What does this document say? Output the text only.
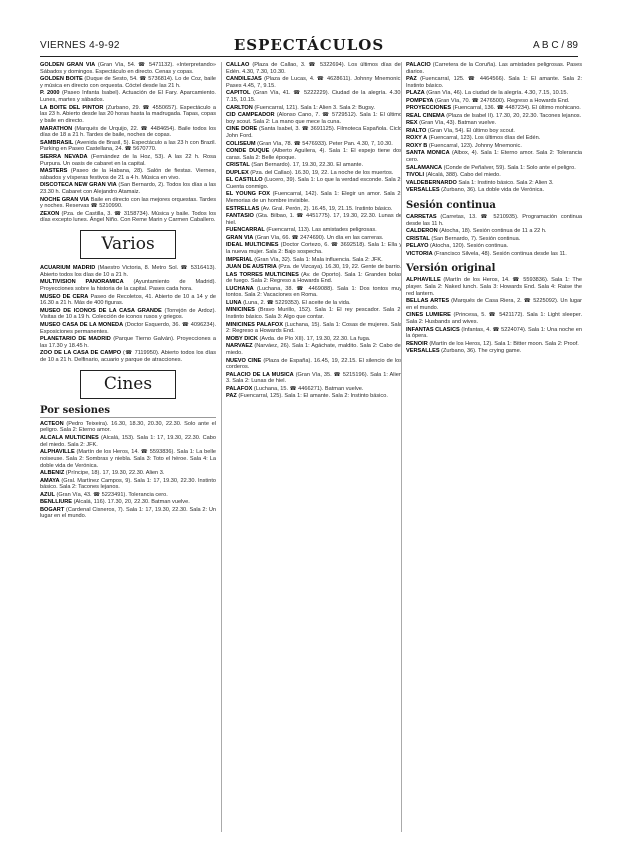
VIERNES 4-9-92	ESPECTÁCULOS	A B C / 89

GOLDEN GRAN VIA (Gran Vía, 54. ☎ 5471132). «Interpretando» Sábados y domingos. Espectáculo en directo. Cenas y copas.

GOLDEN BOITE (Duque de Sesto, 54. ☎ 5736814). Lo de Coz, baile y música en directo con orquesta. Cóctel desde las 21 h.

P. 2000 (Paseo Infanta Isabel). Actuación de El Fary. Aparcamiento. Lunes, martes y sábados.

LA BOITE DEL PINTOR (Zurbano, 29. ☎ 4550657). Espectáculo a las 23 h. Abierto desde las 20 horas hasta la madrugada. Tapas, copas y baile en directo.

MARATHON (Marqués de Urquijo, 22. ☎ 4484654). Baile todos los días de 18 a 21 h. Tardes de baile, noches de copas.

SAMBRASIL (Avenida de Brasil, 5). Espectáculo a las 23 h con Brazil. Parking en Paseo Castellana, 24. ☎ 5670770.

SIERRA NEVADA (Fernández de la Hoz, 53). A las 22 h. Rosa Purpura. Un oasis de cabaret en la capital.

MASTERS (Paseo de la Habana, 28). Salón de fiestas. Viernes, sábados y vísperas festivos de 21 a 4 h. Música en vivo.

DISCOTECA NEW GRAN VIA (San Bernardo, 2). Todos los días a las 23.30 h. Cabaret con Alejandro Atamaiz.

NOCHE GRAN VIA Baile en directo con las mejores orquestas. Tardes y noches. Reservas ☎ 5210990.

ZEXON (Pza. de Castilla, 3. ☎ 3158734). Música y baile. Todos los días excepto lunes. Ángel Niño. Con Reme Marin y Carmen Caballero.

Varios

ACUARIUM MADRID (Maestro Victoria, 8. Metro Sol. ☎ 5316413). Abierto todos los días de 10 a 21 h.

MULTIVISION PANORAMICA (Ayuntamiento de Madrid). Proyecciones sobre la historia de la capital. Pases cada hora.

MUSEO DE CERA Paseo de Recoletos, 41. Abierto de 10 a 14 y de 16.30 a 21 h. Más de 400 figuras.

MUSEO DE ICONOS DE LA CASA GRANDE (Torrejón de Ardoz). Visitas de 10 a 19 h. Colección de iconos rusos y griegos.

MUSEO CASA DE LA MONEDA (Doctor Esquerdo, 36. ☎ 4096234). Exposiciones permanentes.

PLANETARIO DE MADRID (Parque Tierno Galván). Proyecciones a las 17.30 y 18.45 h.

ZOO DE LA CASA DE CAMPO (☎ 7119950). Abierto todos los días de 10 a 21 h. Delfinario, acuario y parque de atracciones.

Cines
Por sesiones

ACTEON (Pedro Teixeira). 16.30, 18.30, 20.30, 22.30. Solo ante el peligro. Sala 2: Eterno amor.

ALCALA MULTICINES (Alcalá, 153). Sala 1: 17, 19.30, 22.30. Cabo del miedo. Sala 2: JFK.

ALPHAVILLE (Martín de los Heros, 14. ☎ 5593836). Sala 1: La belle noiseuse. Sala 2: Sombras y niebla. Sala 3: Toto el héroe. Sala 4: La doble vida de Verónica.

ALBENIZ (Príncipe, 18). 17, 19.30, 22.30. Alien 3.

AMAYA (Gral. Martínez Campos, 9). Sala 1: 17, 19.30, 22.30. Instinto básico. Sala 2: Tacones lejanos.

AZUL (Gran Vía, 43. ☎ 5223491). Tolerancia cero.

BENLLIURE (Alcalá, 116). 17.30, 20, 22.30. Batman vuelve.

BOGART (Cardenal Cisneros, 7). Sala 1: 17, 19.30, 22.30. Sala 2: Un lugar en el mundo.

CALLAO (Plaza de Callao, 3. ☎ 5322694). Los últimos días del Edén. 4.30, 7.30, 10.30.

CANDILEJAS (Plaza de Lucas, 4. ☎ 4628611). Johnny Mnemonic. Pases 4.45, 7, 9.15.

CAPITOL (Gran Vía, 41. ☎ 5222229). Ciudad de la alegría. 4.30, 7.15, 10.15.

CARLTON (Fuencarral, 121). Sala 1: Alien 3. Sala 2: Bugsy.

CID CAMPEADOR (Alonso Cano, 7. ☎ 5729512). Sala 1: El último boy scout. Sala 2: La mano que mece la cuna.

CINE DORE (Santa Isabel, 3. ☎ 3691125). Filmoteca Española. Ciclo John Ford.

COLISEUM (Gran Vía, 78. ☎ 5476933). Peter Pan. 4.30, 7, 10.30.

CONDE DUQUE (Alberto Aguilera, 4). Sala 1: El espejo tiene dos caras. Sala 2: Belle époque.

CRISTAL (San Bernardo). 17, 19.30, 22.30. El amante.

DUPLEX (Pza. del Callao). 16.30, 19, 22. La noche de los muertos.

EL CASTILLO (Lucero, 39). Sala 1: Lo que la verdad esconde. Sala 2: Cuenta conmigo.

EL YOUNG FOX (Fuencarral, 142). Sala 1: Elegir un amor. Sala 2: Memorias de un hombre invisible.

ESTRELLAS (Av. Gral. Perón, 2). 16.45, 19, 21.15. Instinto básico.

FANTASIO (Gta. Bilbao, 1. ☎ 4451775). 17, 19.30, 22.30. Lunas de hiel.

FUENCARRAL (Fuencarral, 113). Las amistades peligrosas.

GRAN VIA (Gran Vía, 66. ☎ 2474690). Un día en las carreras.

IDEAL MULTICINES (Doctor Cortezo, 6. ☎ 3692518). Sala 1: Ella y la nueva mujer. Sala 2: Bajo sospecha.

IMPERIAL (Gran Vía, 32). Sala 1: Mala influencia. Sala 2: JFK.

JUAN DE AUSTRIA (Pza. de Vizcaya). 16.30, 19, 22. Gente de barrio.

LAS TORRES MULTICINES (Av. de Oporto). Sala 1: Grandes bolas de fuego. Sala 2: Regreso a Howards End.

LUCHANA (Luchana, 38. ☎ 4469088). Sala 1: Dos tontos muy tontos. Sala 2: Vacaciones en Roma.

LUNA (Luna, 2. ☎ 5229353). El aceite de la vida.

MINICINES (Bravo Murillo, 152). Sala 1: El rey pescador. Sala 2: Instinto básico. Sala 3: Algo que contar.

MINICINES PALAFOX (Luchana, 15). Sala 1: Cosas de mujeres. Sala 2: Regreso a Howards End.

MOBY DICK (Avda. de Pío XII). 17, 19.30, 22.30. La fuga.

NARVAEZ (Narváez, 26). Sala 1: Agáchate, maldito. Sala 2: Cabo del miedo.

NUEVO CINE (Plaza de España). 16.45, 19, 22.15. El silencio de los corderos.

PALACIO DE LA MUSICA (Gran Vía, 35. ☎ 5215196). Sala 1: Alien 3. Sala 2: Lunas de hiel.

PALAFOX (Luchana, 15. ☎ 4466271). Batman vuelve.

PAZ (Fuencarral, 125). Sala 1: El amante. Sala 2: Instinto básico.

PALACIO (Carretera de la Coruña). Las amistades peligrosas. Pases diarios.

PAZ (Fuencarral, 125. ☎ 4464566). Sala 1: El amante. Sala 2: Instinto básico.

PLAZA (Gran Vía, 46). La ciudad de la alegría. 4.30, 7.15, 10.15.

POMPEYA (Gran Vía, 70. ☎ 2476500). Regreso a Howards End.

PROYECCIONES (Fuencarral, 136. ☎ 4487234). El último mohicano.

REAL CINEMA (Plaza de Isabel II). 17.30, 20, 22.30. Tacones lejanos.

REX (Gran Vía, 43). Batman vuelve.

RIALTO (Gran Vía, 54). El último boy scout.

ROXY A (Fuencarral, 123). Los últimos días del Edén.

ROXY B (Fuencarral, 123). Johnny Mnemonic.

SANTA MONICA (Albox, 4). Sala 1: Eterno amor. Sala 2: Tolerancia cero.

SALAMANCA (Conde de Peñalver, 59). Sala 1: Solo ante el peligro.

TIVOLI (Alcalá, 388). Cabo del miedo.

VALDEBERNARDO Sala 1: Instinto básico. Sala 2: Alien 3.

VERSALLES (Zurbano, 36). La doble vida de Verónica.

Sesión continua

CARRETAS (Carretas, 13. ☎ 5210935). Programación continua desde las 11 h.

CALDERON (Atocha, 18). Sesión continua de 11 a 22 h.

CRISTAL (San Bernardo, 7). Sesión continua.

PELAYO (Atocha, 120). Sesión continua.

VICTORIA (Francisco Silvela, 48). Sesión continua desde las 11.

Versión original

ALPHAVILLE (Martín de los Heros, 14. ☎ 5593836). Sala 1: The player. Sala 2: Naked lunch. Sala 3: Howards End. Sala 4: Raise the red lantern.

BELLAS ARTES (Marqués de Casa Riera, 2. ☎ 5225092). Un lugar en el mundo.

CINES LUMIERE (Princesa, 5. ☎ 5421172). Sala 1: Light sleeper. Sala 2: Husbands and wives.

INFANTAS CLASICS (Infantas, 4. ☎ 5224074). Sala 1: Una noche en la ópera.

RENOIR (Martín de los Heros, 12). Sala 1: Bitter moon. Sala 2: Proof.

VERSALLES (Zurbano, 36). The crying game.
